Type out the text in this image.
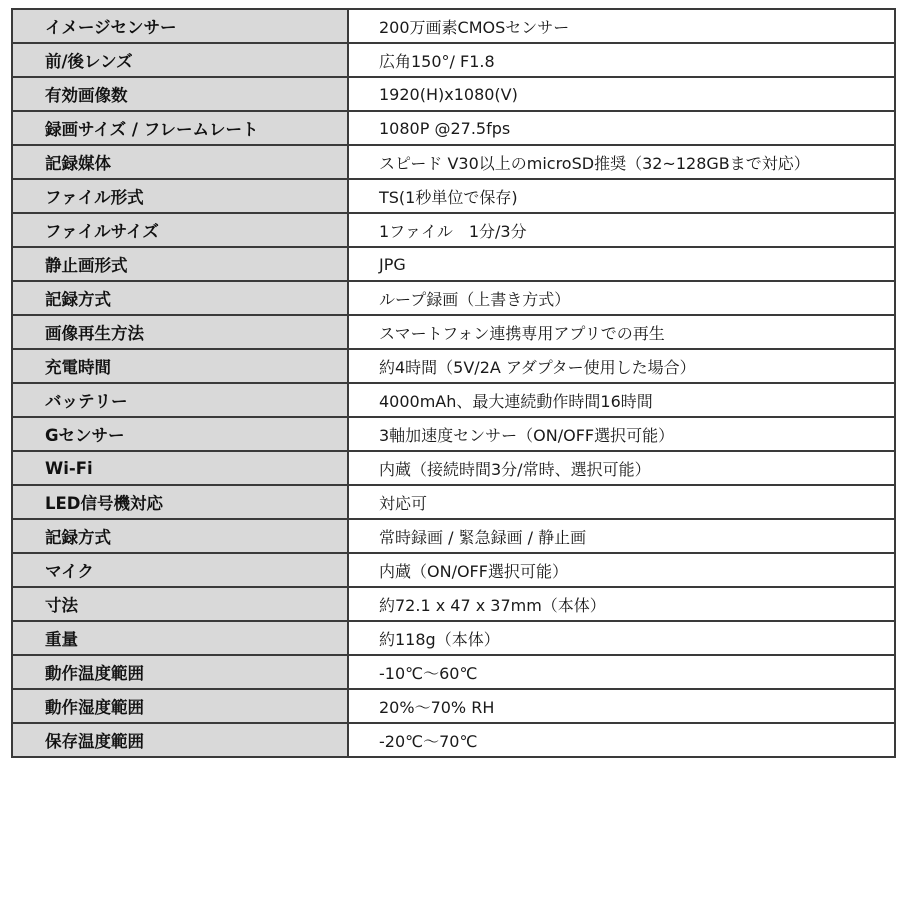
イメージセンサー	200万画素CMOSセンサー
前/後レンズ	広角150°/ F1.8
有効画像数	1920(H)x1080(V)
録画サイズ / フレームレート	1080P @27.5fps
記録媒体	スピード V30以上のmicroSD推奨（32~128GBまで対応）
ファイル形式	TS(1秒単位で保存)
ファイルサイズ	1ファイル　1分/3分
静止画形式	JPG
記録方式	ループ録画（上書き方式）
画像再生方法	スマートフォン連携専用アプリでの再生
充電時間	約4時間（5V/2A アダプター使用した場合）
バッテリー	4000mAh、最大連続動作時間16時間
Gセンサー	3軸加速度センサー（ON/OFF選択可能）
Wi-Fi	内蔵（接続時間3分/常時、選択可能）
LED信号機対応	対応可
記録方式	常時録画 / 緊急録画 / 静止画
マイク	内蔵（ON/OFF選択可能）
寸法	約72.1 x 47 x 37mm（本体）
重量	約118g（本体）
動作温度範囲	-10℃～60℃
動作湿度範囲	20%～70% RH
保存温度範囲	-20℃～70℃
